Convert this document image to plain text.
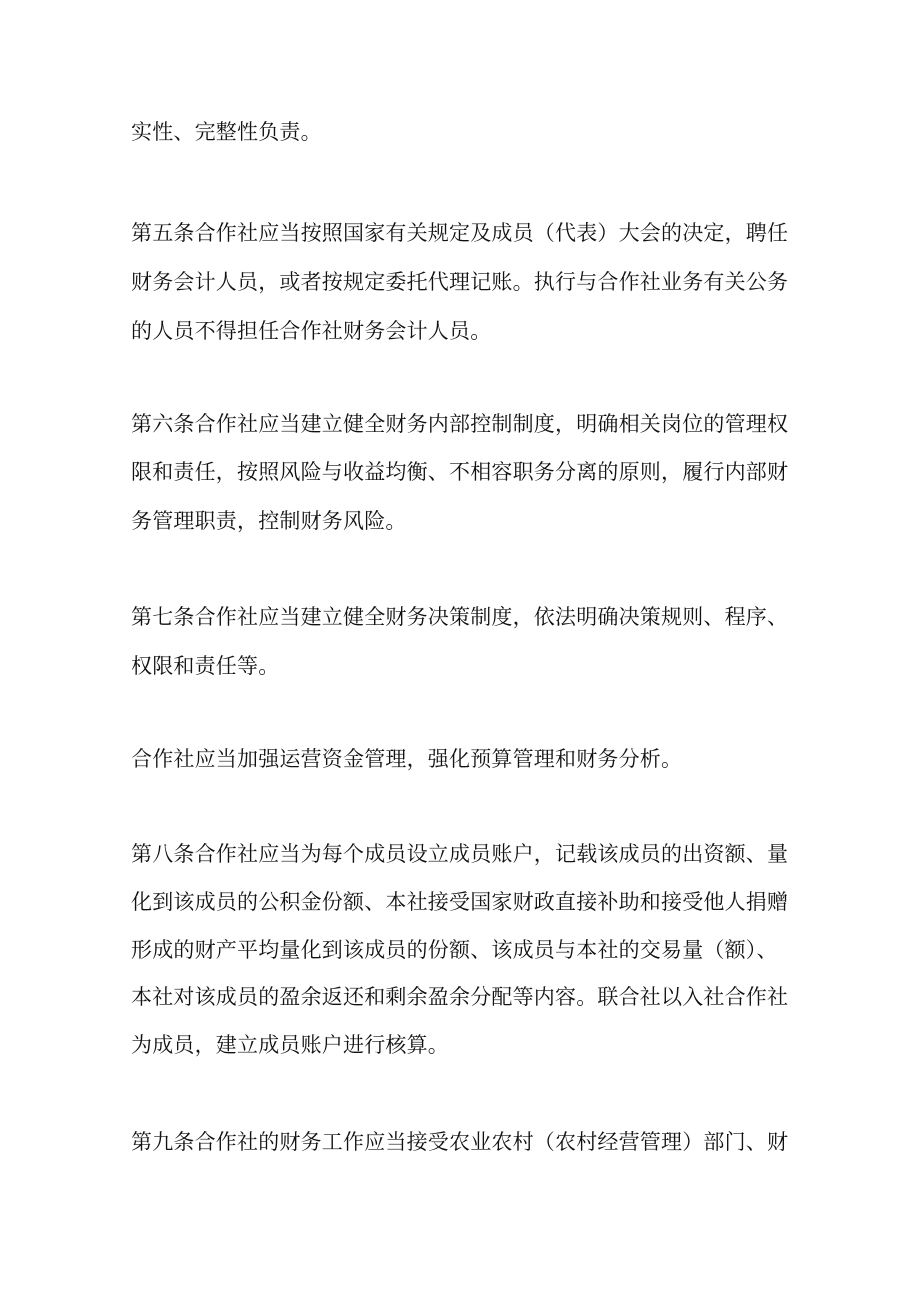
实性、完整性负责。
第五条合作社应当按照国家有关规定及成员（代表）大会的决定，聘任
财务会计人员，或者按规定委托代理记账。执行与合作社业务有关公务
的人员不得担任合作社财务会计人员。
第六条合作社应当建立健全财务内部控制制度，明确相关岗位的管理权
限和责任，按照风险与收益均衡、不相容职务分离的原则，履行内部财
务管理职责，控制财务风险。
第七条合作社应当建立健全财务决策制度，依法明确决策规则、程序、
权限和责任等。
合作社应当加强运营资金管理，强化预算管理和财务分析。
第八条合作社应当为每个成员设立成员账户，记载该成员的出资额、量
化到该成员的公积金份额、本社接受国家财政直接补助和接受他人捐赠
形成的财产平均量化到该成员的份额、该成员与本社的交易量（额）、
本社对该成员的盈余返还和剩余盈余分配等内容。联合社以入社合作社
为成员，建立成员账户进行核算。
第九条合作社的财务工作应当接受农业农村（农村经营管理）部门、财
